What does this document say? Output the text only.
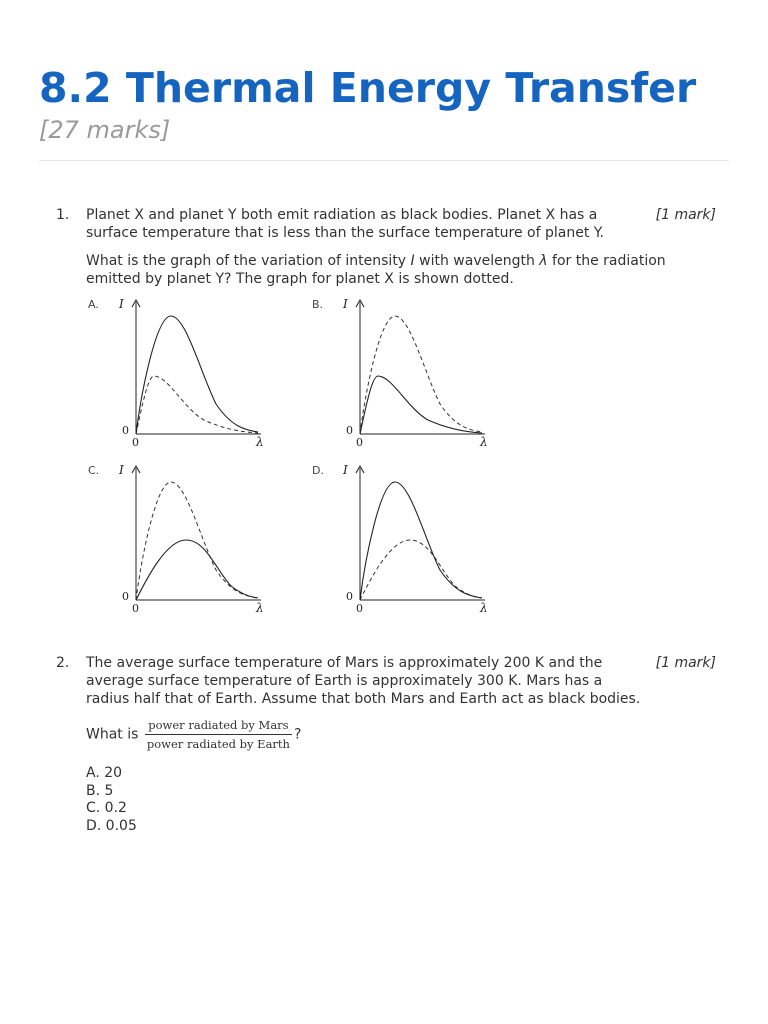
8.2 Thermal Energy Transfer
[27 marks]
1.	[1 mark]

Planet X and planet Y both emit radiation as black bodies. Planet X has a surface temperature that is less than the surface temperature of planet Y.

What is the graph of the variation of intensity I with wavelength λ for the radiation emitted by planet Y? The graph for planet X is shown dotted.

A. I
0
0	λ
B. I
0
0	λ
C. I
0
0	λ
D. I
0
0	λ
2.	[1 mark]

The average surface temperature of Mars is approximately 200 K and the average surface temperature of Earth is approximately 300 K. Mars has a radius half that of Earth. Assume that both Mars and Earth act as black bodies.

What is $\frac{\text{power radiated by Mars}}{\text{power radiated by Earth}}$ ?

A. 20
B. 5
C. 0.2
D. 0.05
